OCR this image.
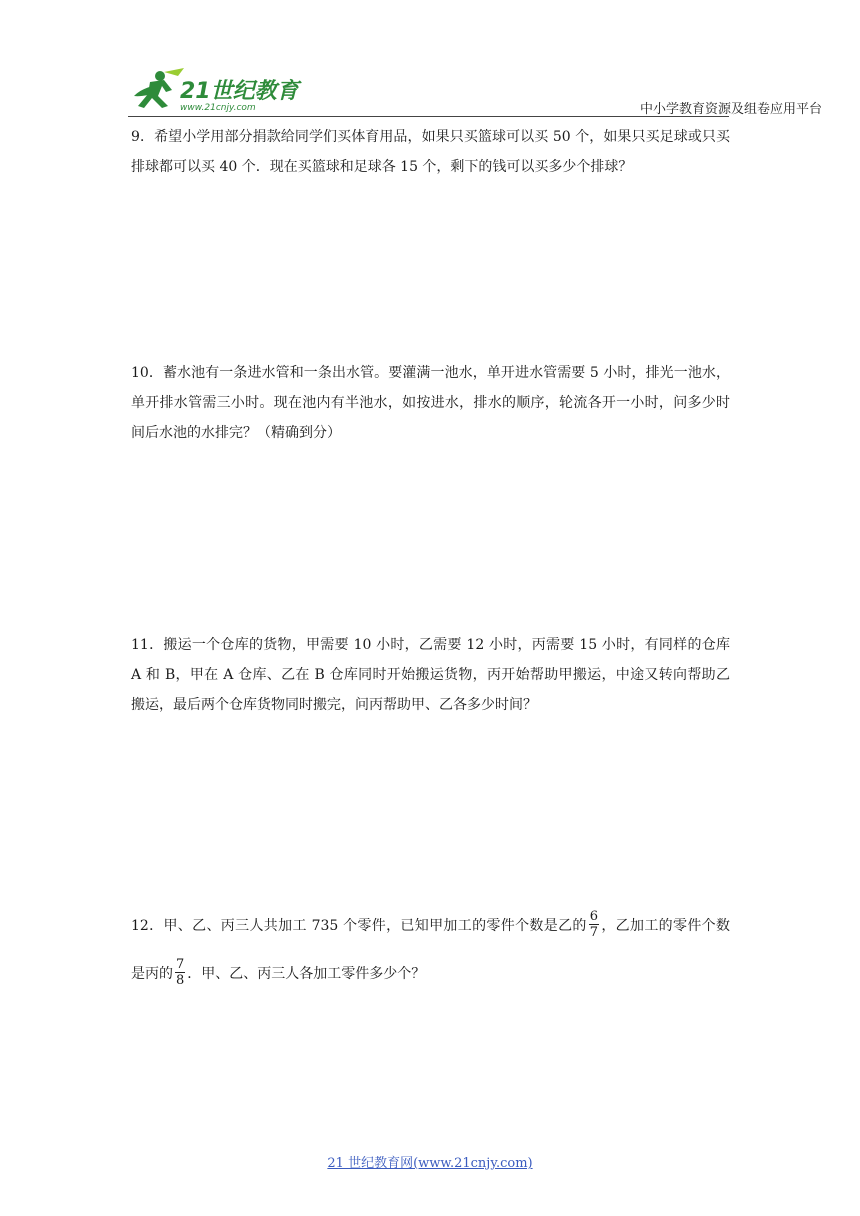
21世纪教育
www.21cnjy.com	中小学教育资源及组卷应用平台
9．希望小学用部分捐款给同学们买体育用品，如果只买篮球可以买 50 个，如果只买足球或只买排球都可以买 40 个．现在买篮球和足球各 15 个，剩下的钱可以买多少个排球？
10．蓄水池有一条进水管和一条出水管。要灌满一池水，单开进水管需要 5 小时，排光一池水，单开排水管需三小时。现在池内有半池水，如按进水，排水的顺序，轮流各开一小时，问多少时间后水池的水排完？（精确到分）
11．搬运一个仓库的货物，甲需要 10 小时，乙需要 12 小时，丙需要 15 小时，有同样的仓库 A 和 B，甲在 A 仓库、乙在 B 仓库同时开始搬运货物，丙开始帮助甲搬运，中途又转向帮助乙搬运，最后两个仓库货物同时搬完，问丙帮助甲、乙各多少时间？
12．甲、乙、丙三人共加工 735 个零件，已知甲加工的零件个数是乙的 $\frac{6}{7}$ ，乙加工的零件个数是丙的 $\frac{7}{8}$ ．甲、乙、丙三人各加工零件多少个？
21 世纪教育网(www.21cnjy.com)
